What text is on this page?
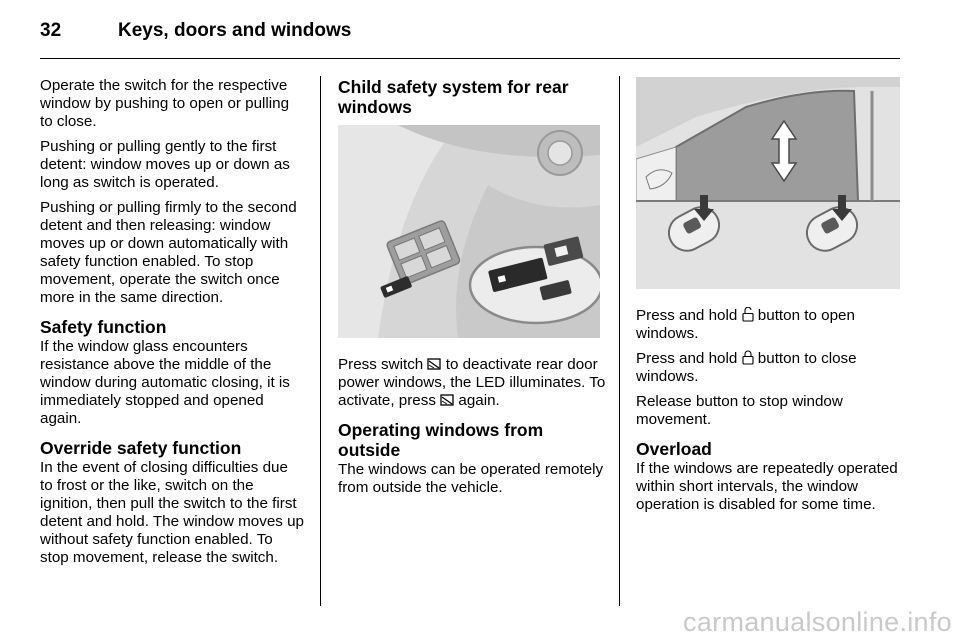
32	Keys, doors and windows

Operate the switch for the respective window by pushing to open or pulling to close.

Pushing or pulling gently to the first detent: window moves up or down as long as switch is operated.

Pushing or pulling firmly to the second detent and then releasing: window moves up or down automatically with safety function enabled. To stop movement, operate the switch once more in the same direction.

Safety function

If the window glass encounters resistance above the middle of the window during automatic closing, it is immediately stopped and opened again.

Override safety function

In the event of closing difficulties due to frost or the like, switch on the ignition, then pull the switch to the first detent and hold. The window moves up without safety function enabled. To stop movement, release the switch.

Child safety system for rear windows

Press switch to deactivate rear door power windows, the LED illuminates. To activate, press again.

Operating windows from outside

The windows can be operated remotely from outside the vehicle.

Press and hold button to open windows.

Press and hold button to close windows.

Release button to stop window movement.

Overload

If the windows are repeatedly operated within short intervals, the window operation is disabled for some time.

carmanualsonline.info
